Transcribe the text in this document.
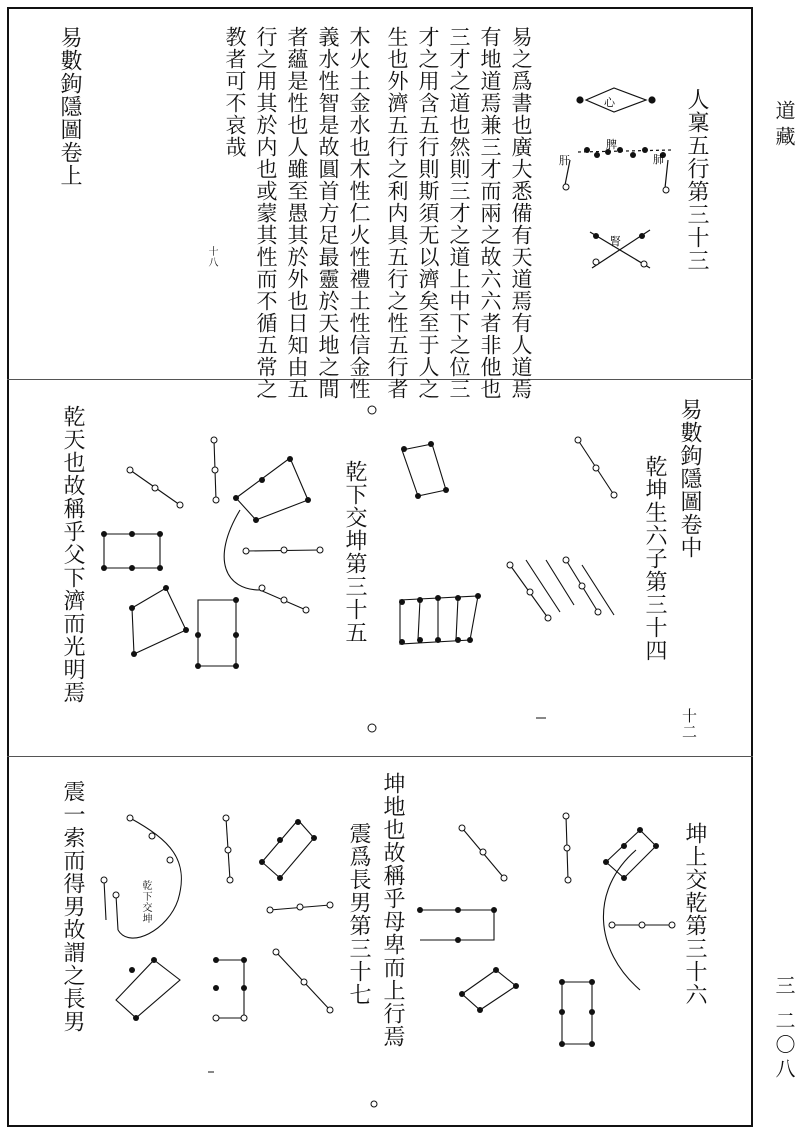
道藏
三
二〇八
人稟五行第三十三
易之爲書也廣大悉備有天道焉有人道焉
有地道焉兼三才而兩之故六六者非他也
三才之道也然則三才之道上中下之位三
才之用含五行則斯須无以濟矣至于人之
生也外濟五行之利内具五行之性五行者
木火土金水也木性仁火性禮土性信金性
義水性智是故圓首方足最靈於天地之間
者蘊是性也人雖至愚其於外也日知由五
行之用其於内也或蒙其性而不循五常之
教者可不哀哉
易數鉤隱圖卷上
十八
心
肝
脾
肺
腎
易數鉤隱圖卷中
乾坤生六子第三十四
乾下交坤第三十五
乾天也故稱乎父下濟而光明焉
十二
坤上交乾第三十六
坤地也故稱乎母卑而上行焉
震爲長男第三十七
震一索而得男故謂之長男	乾下交坤
